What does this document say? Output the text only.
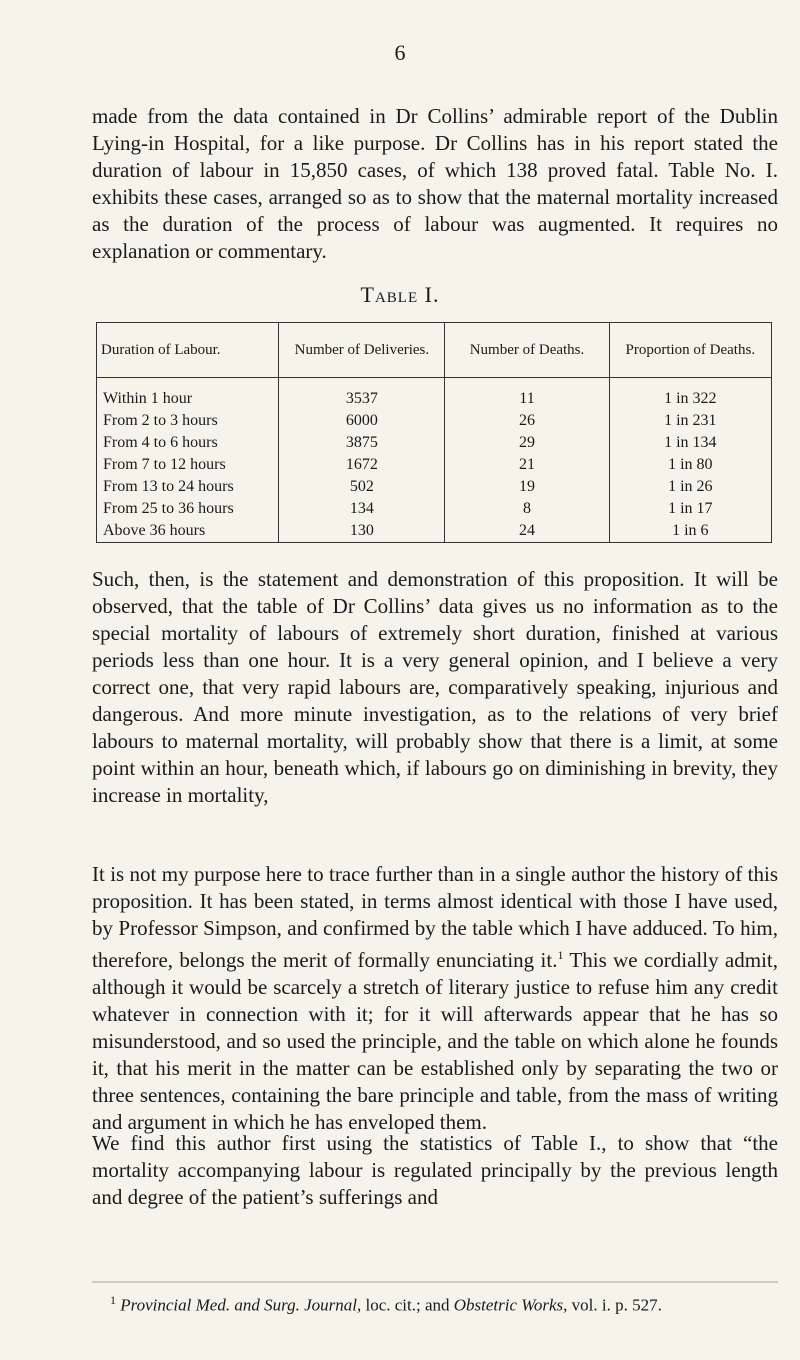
6

made from the data contained in Dr Collins’ admirable report of the Dublin Lying-in Hospital, for a like purpose. Dr Collins has in his report stated the duration of labour in 15,850 cases, of which 138 proved fatal. Table No. I. exhibits these cases, arranged so as to show that the maternal mortality increased as the duration of the process of labour was augmented. It requires no explanation or commentary.

Table I.
Duration of Labour.	Number of Deliveries.	Number of Deaths.	Proportion of Deaths.
Within 1 hour	3537	11	1 in 322
From 2 to 3 hours	6000	26	1 in 231
From 4 to 6 hours	3875	29	1 in 134
From 7 to 12 hours	1672	21	1 in 80
From 13 to 24 hours	502	19	1 in 26
From 25 to 36 hours	134	8	1 in 17
Above 36 hours	130	24	1 in 6

Such, then, is the statement and demonstration of this proposition. It will be observed, that the table of Dr Collins’ data gives us no information as to the special mortality of labours of extremely short duration, finished at various periods less than one hour. It is a very general opinion, and I believe a very correct one, that very rapid labours are, comparatively speaking, injurious and dangerous. And more minute investigation, as to the relations of very brief labours to maternal mortality, will probably show that there is a limit, at some point within an hour, beneath which, if labours go on diminishing in brevity, they increase in mortality,

It is not my purpose here to trace further than in a single author the history of this proposition. It has been stated, in terms almost identical with those I have used, by Professor Simpson, and confirmed by the table which I have adduced. To him, therefore, belongs the merit of formally enunciating it.$^1$ This we cordially admit, although it would be scarcely a stretch of literary justice to refuse him any credit whatever in connection with it; for it will afterwards appear that he has so misunderstood, and so used the principle, and the table on which alone he founds it, that his merit in the matter can be established only by separating the two or three sentences, containing the bare principle and table, from the mass of writing and argument in which he has enveloped them.

We find this author first using the statistics of Table I., to show that “the mortality accompanying labour is regulated principally by the previous length and degree of the patient’s sufferings and

$^1$ Provincial Med. and Surg. Journal, loc. cit.; and Obstetric Works, vol. i. p. 527.
